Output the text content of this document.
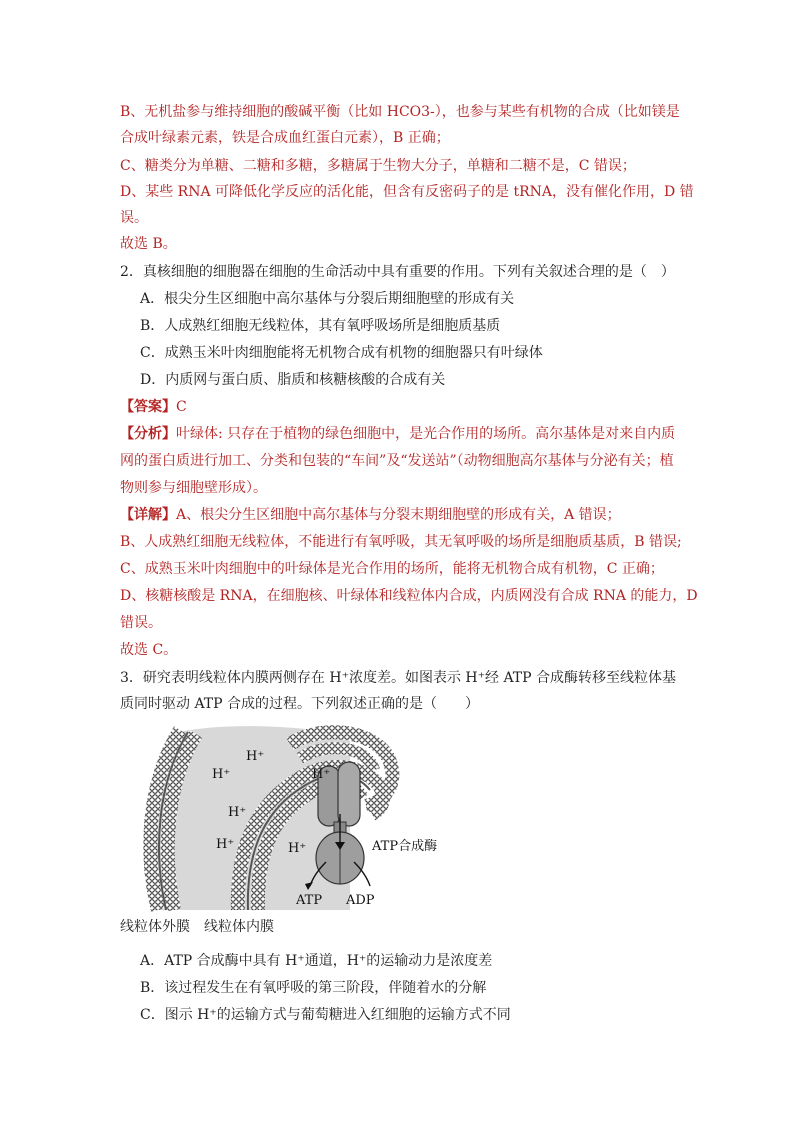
B、无机盐参与维持细胞的酸碱平衡（比如 HCO3-），也参与某些有机物的合成（比如镁是
合成叶绿素元素，铁是合成血红蛋白元素），B 正确；
C、糖类分为单糖、二糖和多糖，多糖属于生物大分子，单糖和二糖不是，C 错误；
D、某些 RNA 可降低化学反应的活化能，但含有反密码子的是 tRNA，没有催化作用，D 错
误。
故选 B。
2．真核细胞的细胞器在细胞的生命活动中具有重要的作用。下列有关叙述合理的是（　）
A．根尖分生区细胞中高尔基体与分裂后期细胞壁的形成有关
B．人成熟红细胞无线粒体，其有氧呼吸场所是细胞质基质
C．成熟玉米叶肉细胞能将无机物合成有机物的细胞器只有叶绿体
D．内质网与蛋白质、脂质和核糖核酸的合成有关
【答案】C
【分析】叶绿体: 只存在于植物的绿色细胞中，是光合作用的场所。高尔基体是对来自内质
网的蛋白质进行加工、分类和包装的“车间”及“发送站”（动物细胞高尔基体与分泌有关；植
物则参与细胞壁形成）。
【详解】A、根尖分生区细胞中高尔基体与分裂末期细胞壁的形成有关，A 错误；
B、人成熟红细胞无线粒体，不能进行有氧呼吸，其无氧呼吸的场所是细胞质基质，B 错误;
C、成熟玉米叶肉细胞中的叶绿体是光合作用的场所，能将无机物合成有机物，C 正确；
D、核糖核酸是 RNA，在细胞核、叶绿体和线粒体内合成，内质网没有合成 RNA 的能力，D
错误。
故选 C。
3．研究表明线粒体内膜两侧存在 H⁺浓度差。如图表示 H⁺经 ATP 合成酶转移至线粒体基
质同时驱动 ATP 合成的过程。下列叙述正确的是（　　）
H⁺
H⁺
H⁺
H⁺	H⁺
H⁺
ATP合成酶
ATP ADP
线粒体外膜　线粒体内膜
A．ATP 合成酶中具有 H⁺通道，H⁺的运输动力是浓度差
B．该过程发生在有氧呼吸的第三阶段，伴随着水的分解
C．图示 H⁺的运输方式与葡萄糖进入红细胞的运输方式不同
